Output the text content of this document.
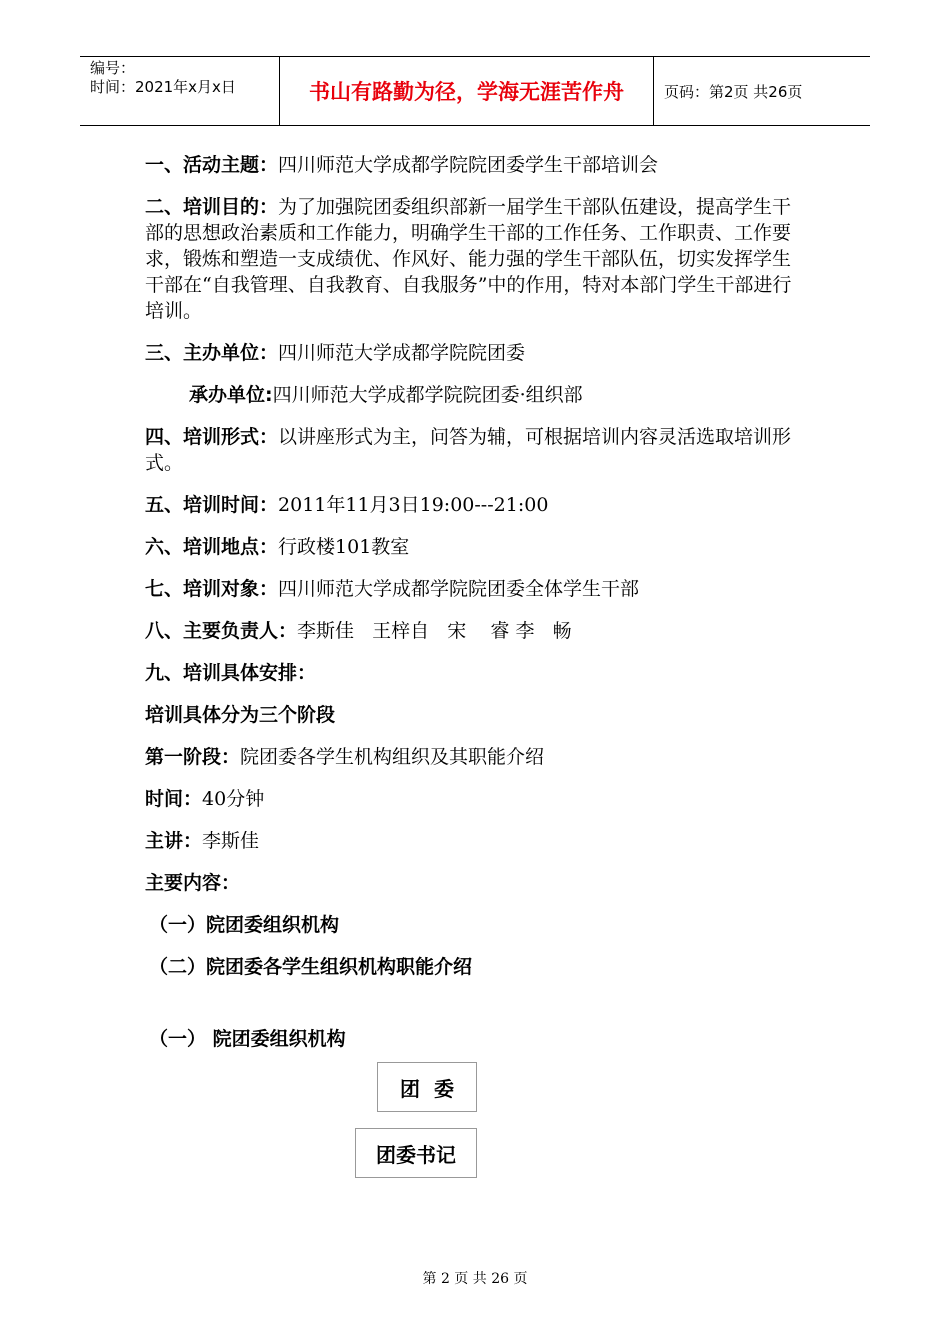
编号：
时间：2021年x月x日	书山有路勤为径，学海无涯苦作舟	页码：第2页 共26页
一、活动主题：四川师范大学成都学院院团委学生干部培训会
二、培训目的：为了加强院团委组织部新一届学生干部队伍建设，提高学生干部的思想政治素质和工作能力，明确学生干部的工作任务、工作职责、工作要求，锻炼和塑造一支成绩优、作风好、能力强的学生干部队伍，切实发挥学生干部在“自我管理、自我教育、自我服务”中的作用，特对本部门学生干部进行培训。
三、主办单位：四川师范大学成都学院院团委
承办单位:四川师范大学成都学院院团委·组织部
四、培训形式：以讲座形式为主，问答为辅，可根据培训内容灵活选取培训形式。
五、培训时间：2011年11月3日19:00---21:00
六、培训地点：行政楼101教室
七、培训对象：四川师范大学成都学院院团委全体学生干部
八、主要负责人：李斯佳   王梓自   宋    睿 李   畅
九、培训具体安排：
培训具体分为三个阶段
第一阶段：院团委各学生机构组织及其职能介绍
时间：40分钟
主讲：李斯佳
主要内容：
（一）院团委组织机构
（二）院团委各学生组织机构职能介绍
（一） 院团委组织机构
团  委
团委书记
第 2 页 共 26 页
